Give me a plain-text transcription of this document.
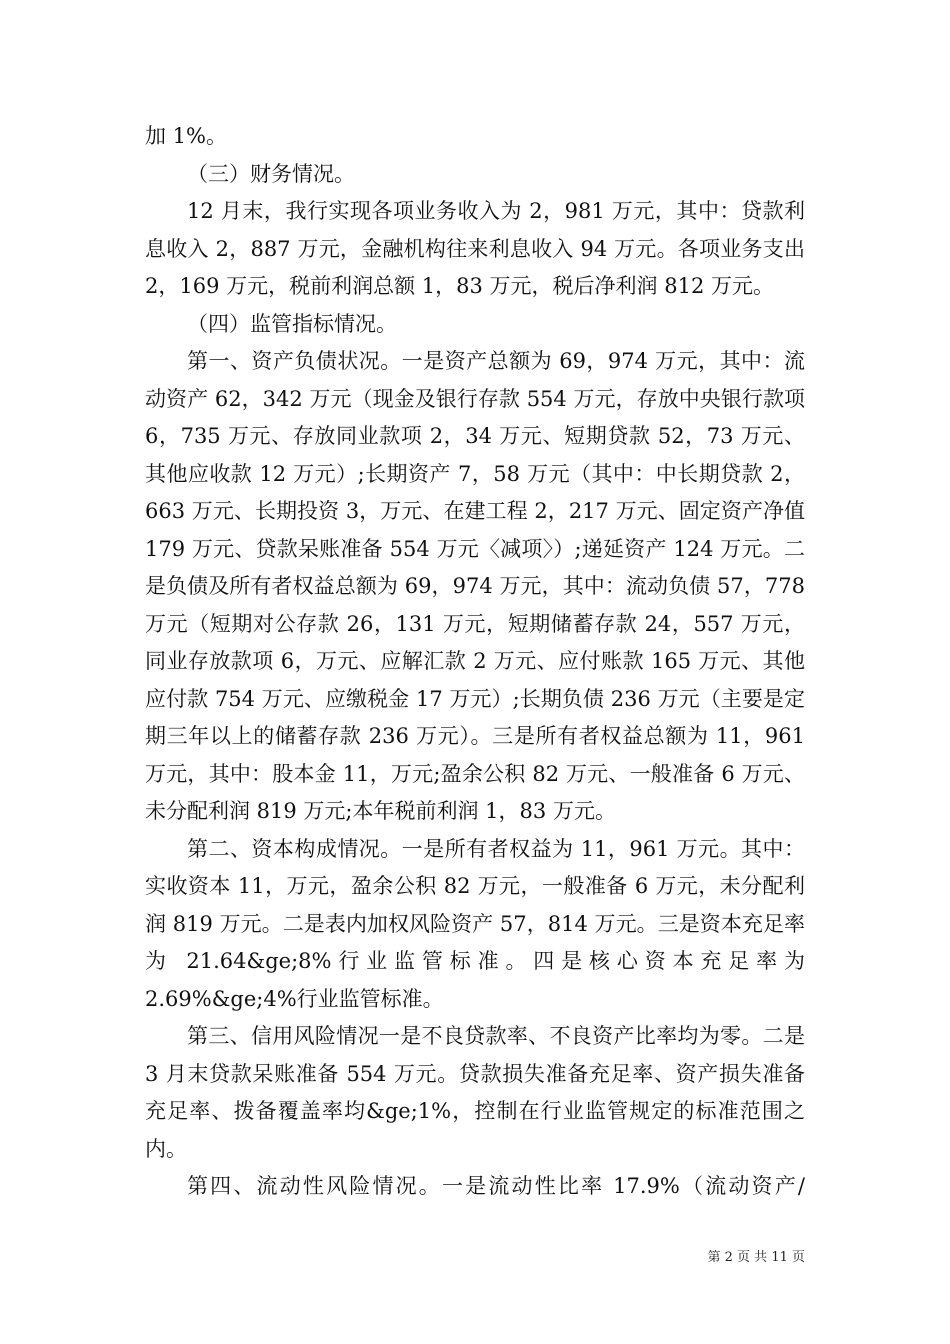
加 1%。

（三）财务情况。

12 月末，我行实现各项业务收入为 2，981 万元，其中：贷款利息收入 2，887 万元，金融机构往来利息收入 94 万元。各项业务支出 2，169 万元，税前利润总额 1，83 万元，税后净利润 812 万元。

（四）监管指标情况。

第一、资产负债状况。一是资产总额为 69，974 万元，其中：流动资产 62，342 万元（现金及银行存款 554 万元，存放中央银行款项 6，735 万元、存放同业款项 2，34 万元、短期贷款 52，73 万元、其他应收款 12 万元）;长期资产 7，58 万元（其中：中长期贷款 2，663 万元、长期投资 3，万元、在建工程 2，217 万元、固定资产净值 179 万元、贷款呆账准备 554 万元〈减项〉）;递延资产 124 万元。二是负债及所有者权益总额为 69，974 万元，其中：流动负债 57，778 万元（短期对公存款 26，131 万元，短期储蓄存款 24，557 万元，同业存放款项 6，万元、应解汇款 2 万元、应付账款 165 万元、其他应付款 754 万元、应缴税金 17 万元）;长期负债 236 万元（主要是定期三年以上的储蓄存款 236 万元）。三是所有者权益总额为 11，961 万元，其中：股本金 11，万元;盈余公积 82 万元、一般准备 6 万元、未分配利润 819 万元;本年税前利润 1，83 万元。

第二、资本构成情况。一是所有者权益为 11，961 万元。其中：实收资本 11，万元，盈余公积 82 万元，一般准备 6 万元，未分配利润 819 万元。二是表内加权风险资产 57，814 万元。三是资本充足率为 21.64&ge;8%行业监管标准。四是核心资本充足率为 2.69%&ge;4%行业监管标准。

第三、信用风险情况一是不良贷款率、不良资产比率均为零。二是 3 月末贷款呆账准备 554 万元。贷款损失准备充足率、资产损失准备充足率、拨备覆盖率均&ge;1%，控制在行业监管规定的标准范围之内。

第四、流动性风险情况。一是流动性比率 17.9%（流动资产/

第 2 页 共 11 页
